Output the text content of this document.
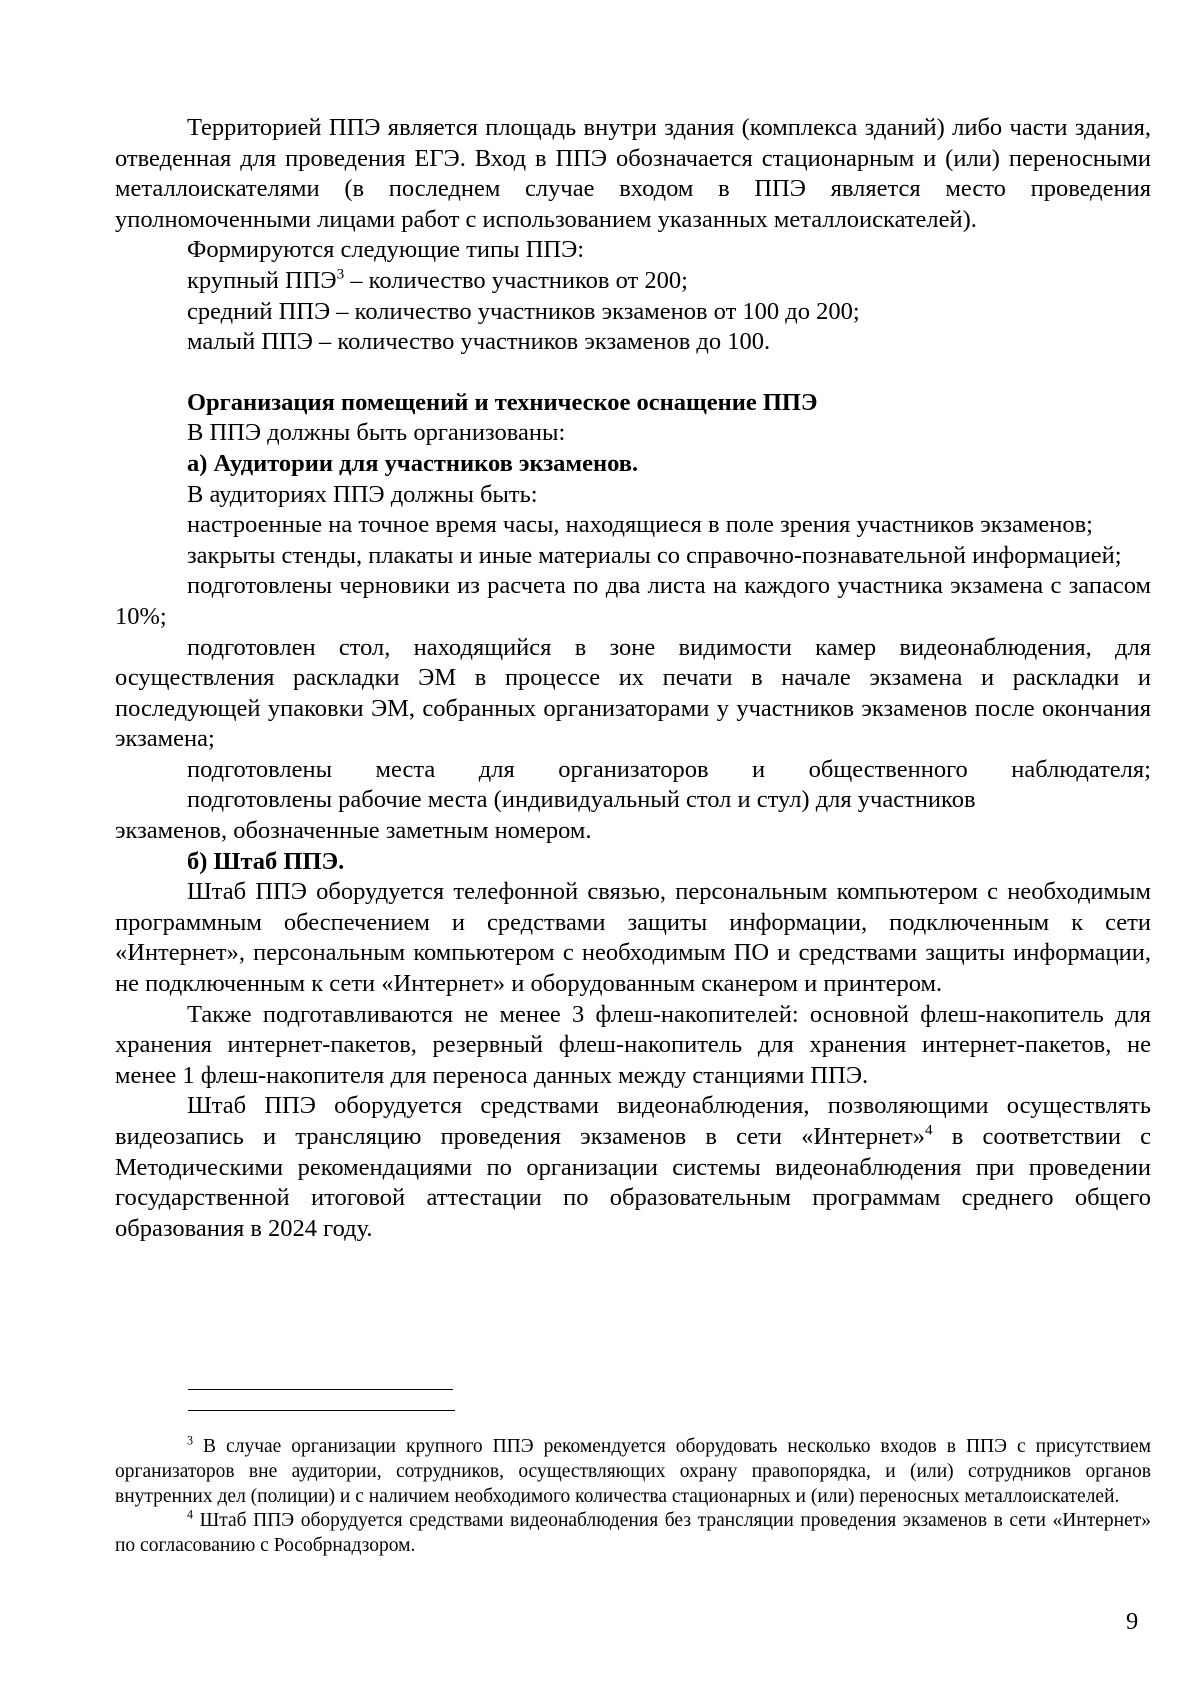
Территорией ППЭ является площадь внутри здания (комплекса зданий) либо части здания, отведенная для проведения ЕГЭ. Вход в ППЭ обозначается стационарным и (или) переносными металлоискателями (в последнем случае входом в ППЭ является место проведения уполномоченными лицами работ с использованием указанных металлоискателей).

Формируются следующие типы ППЭ:

крупный ППЭ$^3$ – количество участников от 200;

средний ППЭ – количество участников экзаменов от 100 до 200;

малый ППЭ – количество участников экзаменов до 100.

Организация помещений и техническое оснащение ППЭ

В ППЭ должны быть организованы:

а) Аудитории для участников экзаменов.

В аудиториях ППЭ должны быть:

настроенные на точное время часы, находящиеся в поле зрения участников экзаменов;

закрыты стенды, плакаты и иные материалы со справочно-познавательной информацией;

подготовлены черновики из расчета по два листа на каждого участника экзамена с запасом 10%;

подготовлен стол, находящийся в зоне видимости камер видеонаблюдения, для осуществления раскладки ЭМ в процессе их печати в начале экзамена и раскладки и последующей упаковки ЭМ, собранных организаторами у участников экзаменов после окончания экзамена;

подготовлены места для организаторов и общественного наблюдателя;

подготовлены рабочие места (индивидуальный стол и стул) для участников

экзаменов, обозначенные заметным номером.

б) Штаб ППЭ.

Штаб ППЭ оборудуется телефонной связью, персональным компьютером с необходимым программным обеспечением и средствами защиты информации, подключенным к сети «Интернет», персональным компьютером с необходимым ПО и средствами защиты информации, не подключенным к сети «Интернет» и оборудованным сканером и принтером.

Также подготавливаются не менее 3 флеш-накопителей: основной флеш-накопитель для хранения интернет-пакетов, резервный флеш-накопитель для хранения интернет-пакетов, не менее 1 флеш-накопителя для переноса данных между станциями ППЭ.

Штаб ППЭ оборудуется средствами видеонаблюдения, позволяющими осуществлять видеозапись и трансляцию проведения экзаменов в сети «Интернет»$^4$ в соответствии с Методическими рекомендациями по организации системы видеонаблюдения при проведении государственной итоговой аттестации по образовательным программам среднего общего образования в 2024 году.

$^3$ В случае организации крупного ППЭ рекомендуется оборудовать несколько входов в ППЭ с присутствием организаторов вне аудитории, сотрудников, осуществляющих охрану правопорядка, и (или) сотрудников органов внутренних дел (полиции) и с наличием необходимого количества стационарных и (или) переносных металлоискателей.

$^4$ Штаб ППЭ оборудуется средствами видеонаблюдения без трансляции проведения экзаменов в сети «Интернет» по согласованию с Рособрнадзором.

9
